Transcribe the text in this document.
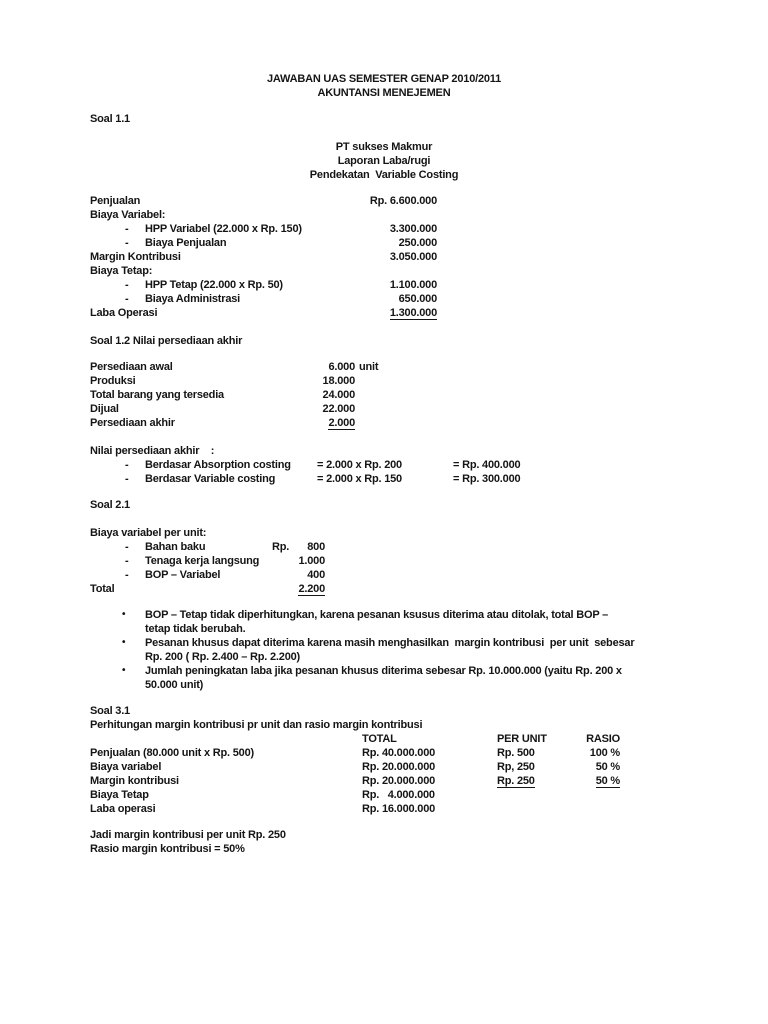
JAWABAN UAS SEMESTER GENAP 2010/2011
AKUNTANSI MENEJEMEN
Soal 1.1
PT sukses Makmur
Laporan Laba/rugi
Pendekatan  Variable Costing
Penjualan	Rp. 6.600.000
Biaya Variabel:
-	HPP Variabel (22.000 x Rp. 150)	3.300.000
-	Biaya Penjualan	250.000
Margin Kontribusi	3.050.000
Biaya Tetap:
-	HPP Tetap (22.000 x Rp. 50)	1.100.000
-	Biaya Administrasi	650.000
Laba Operasi	1.300.000
Soal 1.2 Nilai persediaan akhir
Persediaan awal	6.000 unit
Produksi	18.000
Total barang yang tersedia	24.000
Dijual	22.000
Persediaan akhir	2.000
Nilai persediaan akhir    :
-	Berdasar Absorption costing	= 2.000 x Rp. 200	= Rp. 400.000
-	Berdasar Variable costing	= 2.000 x Rp. 150	= Rp. 300.000
Soal 2.1
Biaya variabel per unit:
-	Bahan baku	Rp.	800
-	Tenaga kerja langsung	1.000
-	BOP – Variabel	400
Total	2.200
•	BOP – Tetap tidak diperhitungkan, karena pesanan ksusus diterima atau ditolak, total BOP –
tetap tidak berubah.
•	Pesanan khusus dapat diterima karena masih menghasilkan  margin kontribusi  per unit  sebesar
Rp. 200 ( Rp. 2.400 – Rp. 2.200)
•	Jumlah peningkatan laba jika pesanan khusus diterima sebesar Rp. 10.000.000 (yaitu Rp. 200 x
50.000 unit)
Soal 3.1
Perhitungan margin kontribusi pr unit dan rasio margin kontribusi
TOTAL	PER UNIT	RASIO
Penjualan (80.000 unit x Rp. 500)	Rp. 40.000.000	Rp. 500	100 %
Biaya variabel	Rp. 20.000.000	Rp, 250	50 %
Margin kontribusi	Rp. 20.000.000	Rp. 250	50 %
Biaya Tetap	Rp.   4.000.000
Laba operasi	Rp. 16.000.000
Jadi margin kontribusi per unit Rp. 250
Rasio margin kontribusi = 50%
